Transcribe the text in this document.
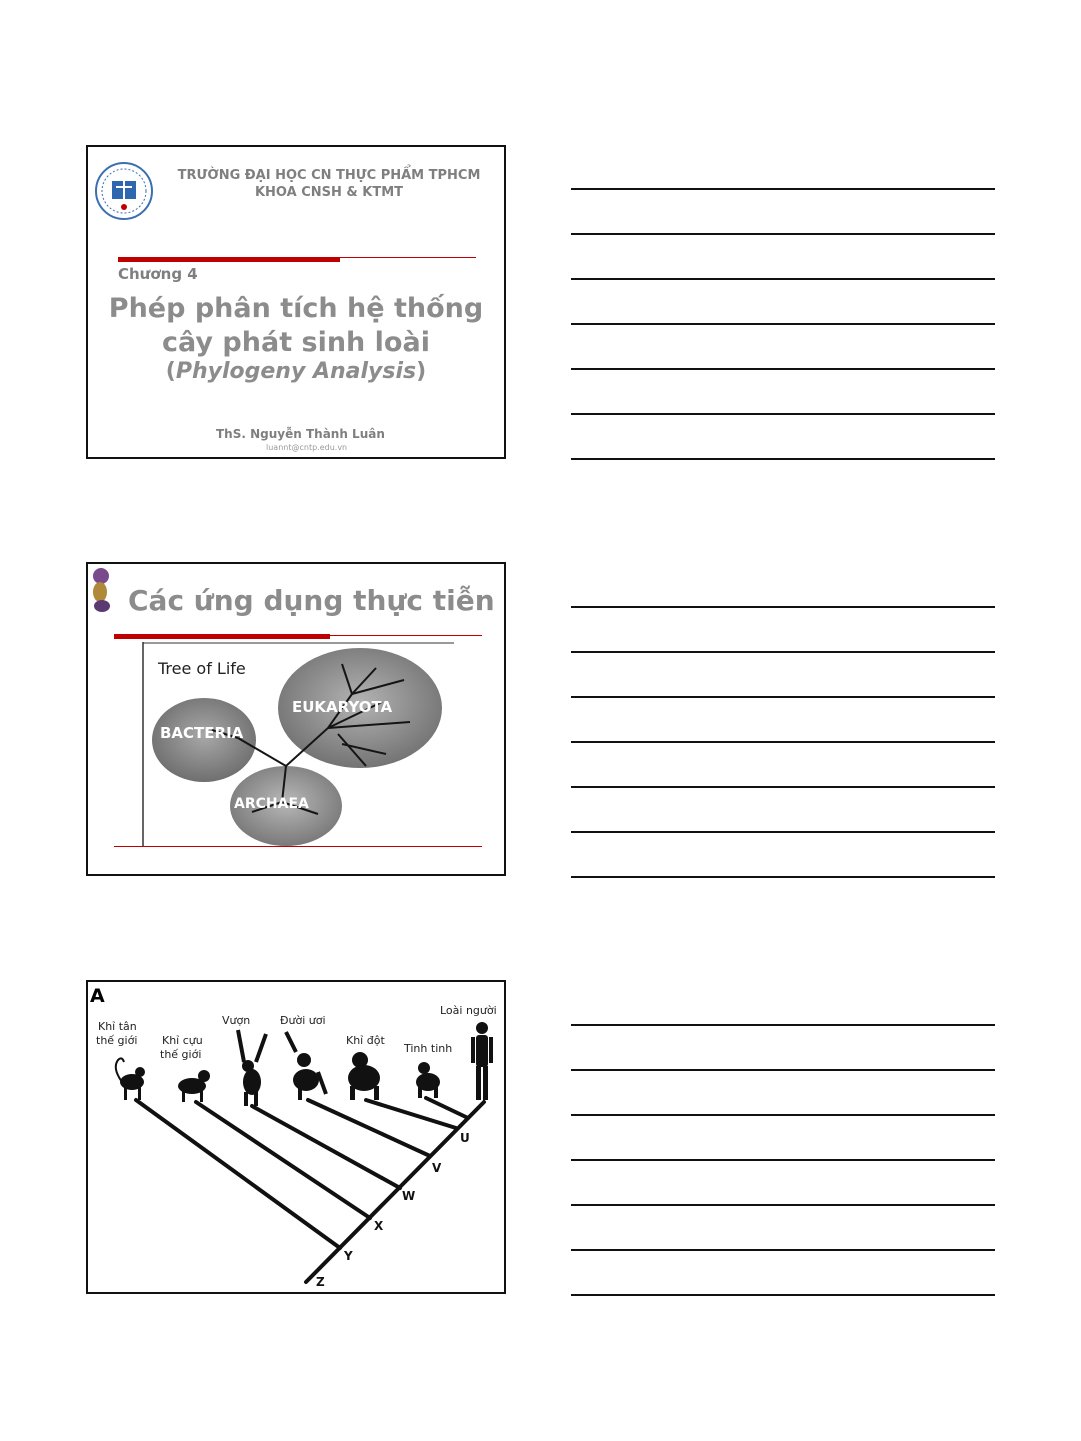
TRƯỜNG ĐẠI HỌC CN THỰC PHẨM TPHCM
KHOA CNSH & KTMT
Chương 4
Phép phân tích hệ thống
cây phát sinh loài
(Phylogeny Analysis)
ThS. Nguyễn Thành Luân
luannt@cntp.edu.vn
Các ứng dụng thực tiễn
Tree of Life
EUKARYOTA
BACTERIA
ARCHAEA
A
Khỉ tân
thế giới Khỉ cựu
thế giới
Vượn	Đười ươi
Khỉ đột
Tinh tinh
Loài người
U
V
W
X
Y
Z
